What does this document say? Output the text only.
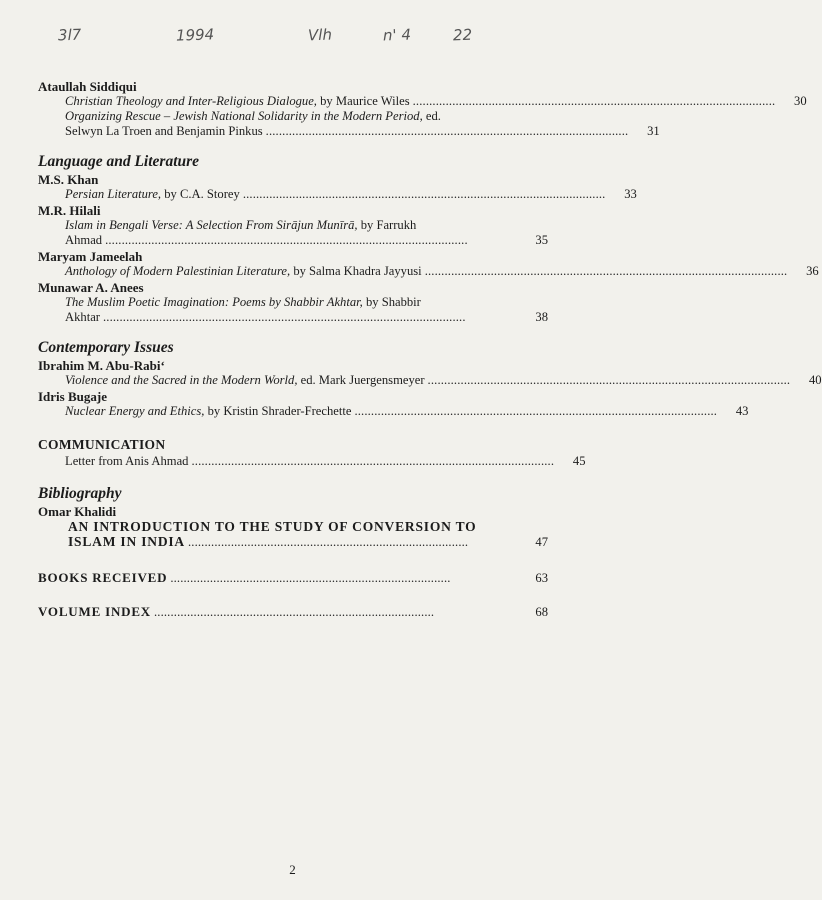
3l7	1994	Vlh	n' 4	22
Ataullah Siddiqui
Christian Theology and Inter-Religious Dialogue, by Maurice Wiles . . .	30
Organizing Rescue – Jewish National Solidarity in the Modern Period, ed.
Selwyn La Troen and Benjamin Pinkus . . .	31
Language and Literature
M.S. Khan
Persian Literature, by C.A. Storey . . .	33
M.R. Hilali
Islam in Bengali Verse: A Selection From Sirājun Munīrā, by Farrukh
Ahmad . . .	35
Maryam Jameelah
Anthology of Modern Palestinian Literature, by Salma Khadra Jayyusi . . .	36
Munawar A. Anees
The Muslim Poetic Imagination: Poems by Shabbir Akhtar, by Shabbir
Akhtar . . .	38
Contemporary Issues
Ibrahim M. Abu-Rabi‘
Violence and the Sacred in the Modern World, ed. Mark Juergensmeyer . . .	40
Idris Bugaje
Nuclear Energy and Ethics, by Kristin Shrader-Frechette . . .	43
COMMUNICATION
Letter from Anis Ahmad . . .	45
Bibliography
Omar Khalidi
AN INTRODUCTION TO THE STUDY OF CONVERSION TO
ISLAM IN INDIA . . .	47
BOOKS RECEIVED . . .	63
VOLUME INDEX . . .	68
2
